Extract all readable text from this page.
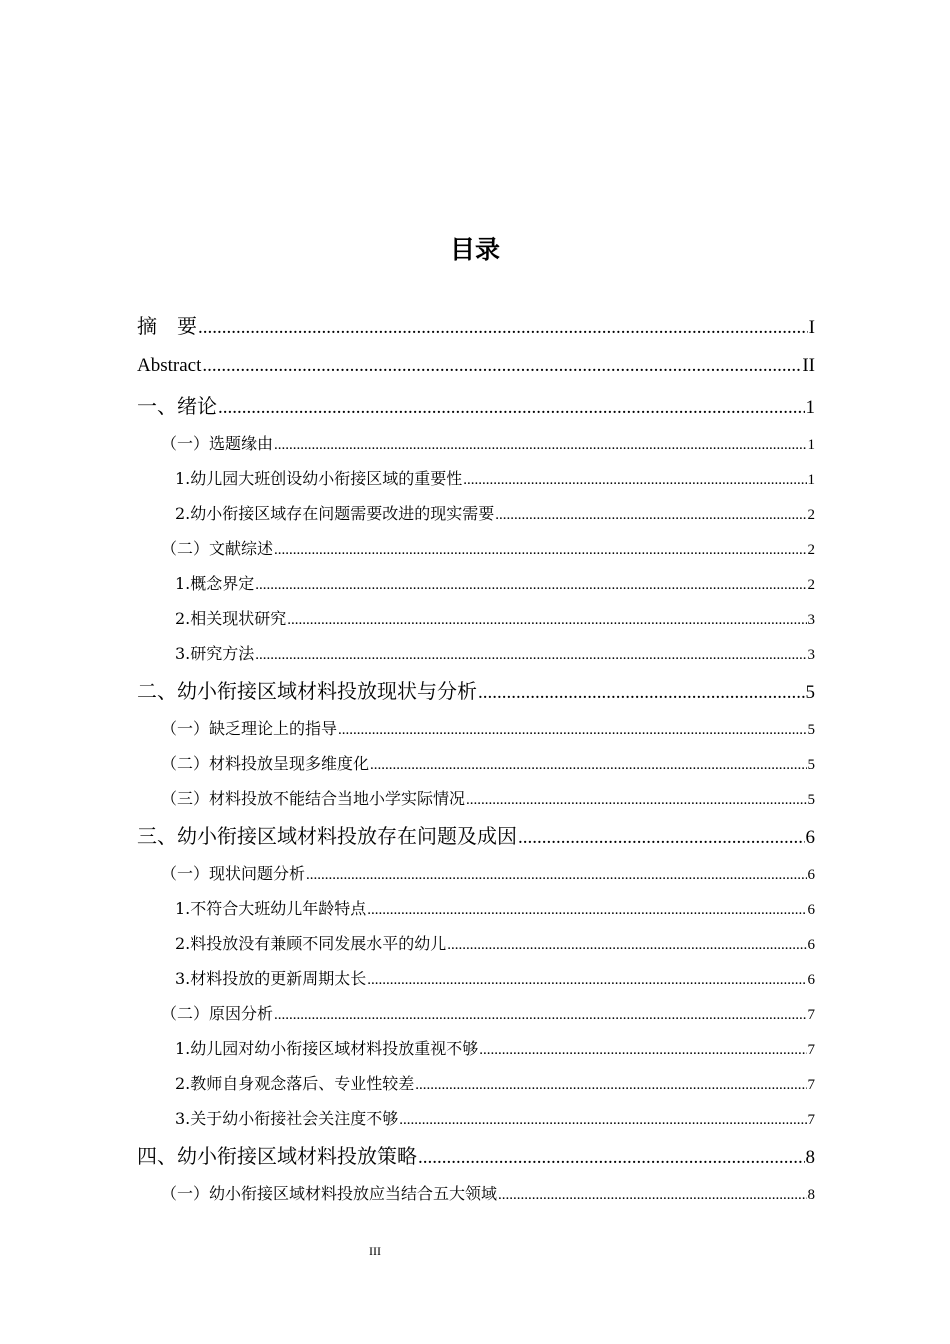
目录
摘　要 .....	I
Abstract .....	II
一、绪论 .....	1
（一）选题缘由 .....	1
1.幼儿园大班创设幼小衔接区域的重要性 .....	1
2.幼小衔接区域存在问题需要改进的现实需要 .....	2
（二）文献综述 .....	2
1.概念界定 .....	2
2.相关现状研究 .....	3
3.研究方法 .....	3
二、幼小衔接区域材料投放现状与分析 .....	5
（一）缺乏理论上的指导 .....	5
（二）材料投放呈现多维度化 .....	5
（三）材料投放不能结合当地小学实际情况 .....	5
三、幼小衔接区域材料投放存在问题及成因 .....	6
（一）现状问题分析 .....	6
1.不符合大班幼儿年龄特点 .....	6
2.料投放没有兼顾不同发展水平的幼儿 .....	6
3.材料投放的更新周期太长 .....	6
（二）原因分析 .....	7
1.幼儿园对幼小衔接区域材料投放重视不够 .....	7
2.教师自身观念落后、专业性较差 .....	7
3.关于幼小衔接社会关注度不够 .....	7
四、幼小衔接区域材料投放策略 .....	8
（一）幼小衔接区域材料投放应当结合五大领域 .....	8
III
